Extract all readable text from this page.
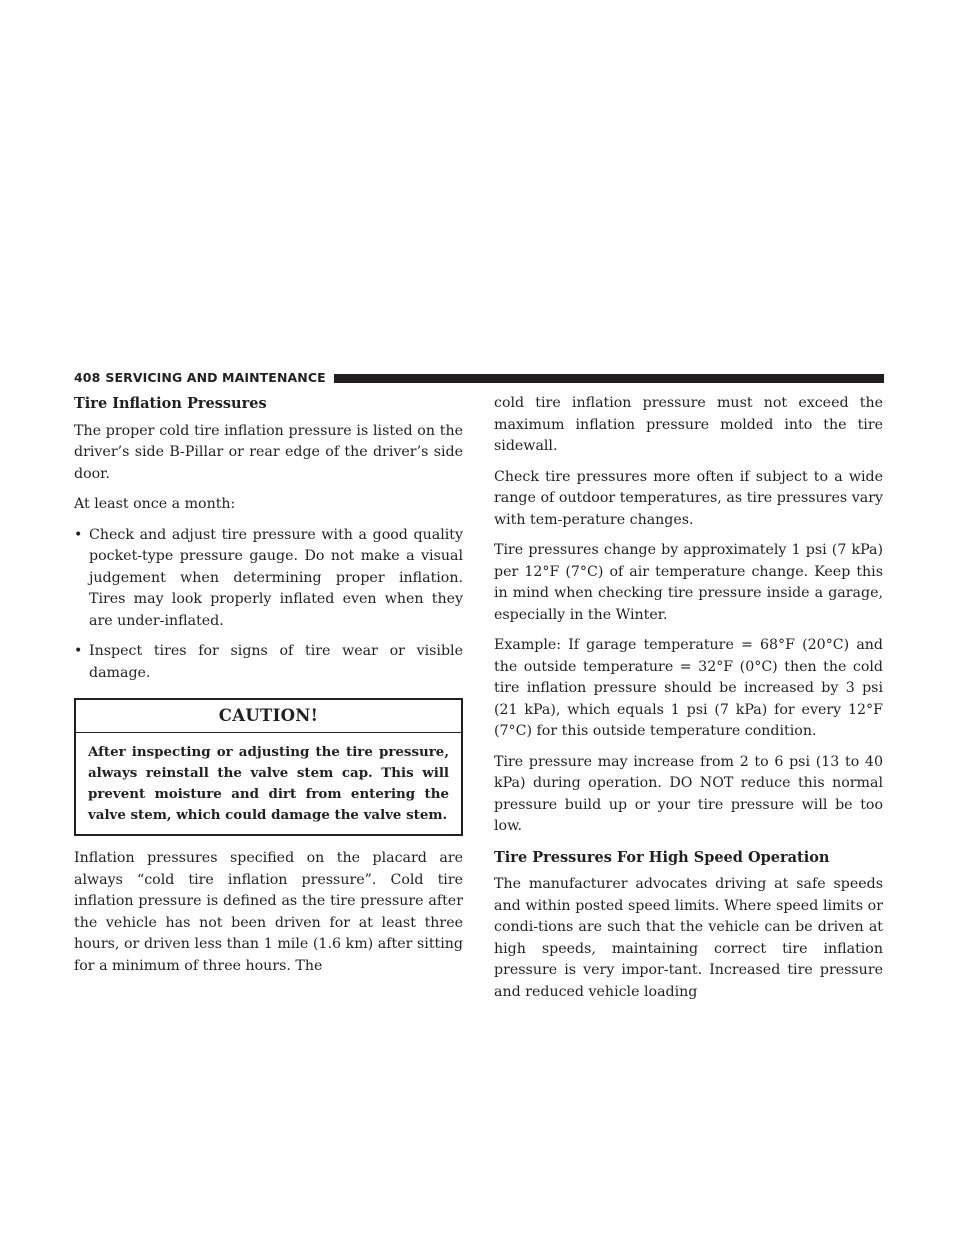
408 SERVICING AND MAINTENANCE
Tire Inflation Pressures

The proper cold tire inflation pressure is listed on the driver’s side B-Pillar or rear edge of the driver’s side door.

At least once a month:

• Check and adjust tire pressure with a good quality pocket-type pressure gauge. Do not make a visual judgement when determining proper inflation. Tires may look properly inflated even when they are under-inflated.
• Inspect tires for signs of tire wear or visible damage.
CAUTION!
After inspecting or adjusting the tire pressure, always reinstall the valve stem cap. This will prevent moisture and dirt from entering the valve stem, which could damage the valve stem.

Inflation pressures specified on the placard are always “cold tire inflation pressure”. Cold tire inflation pressure is defined as the tire pressure after the vehicle has not been driven for at least three hours, or driven less than 1 mile (1.6 km) after sitting for a minimum of three hours. The

cold tire inflation pressure must not exceed the maximum inflation pressure molded into the tire sidewall.

Check tire pressures more often if subject to a wide range of outdoor temperatures, as tire pressures vary with tem-perature changes.

Tire pressures change by approximately 1 psi (7 kPa) per 12°F (7°C) of air temperature change. Keep this in mind when checking tire pressure inside a garage, especially in the Winter.

Example: If garage temperature = 68°F (20°C) and the outside temperature = 32°F (0°C) then the cold tire inflation pressure should be increased by 3 psi (21 kPa), which equals 1 psi (7 kPa) for every 12°F (7°C) for this outside temperature condition.

Tire pressure may increase from 2 to 6 psi (13 to 40 kPa) during operation. DO NOT reduce this normal pressure build up or your tire pressure will be too low.

Tire Pressures For High Speed Operation

The manufacturer advocates driving at safe speeds and within posted speed limits. Where speed limits or condi-tions are such that the vehicle can be driven at high speeds, maintaining correct tire inflation pressure is very impor-tant. Increased tire pressure and reduced vehicle loading
